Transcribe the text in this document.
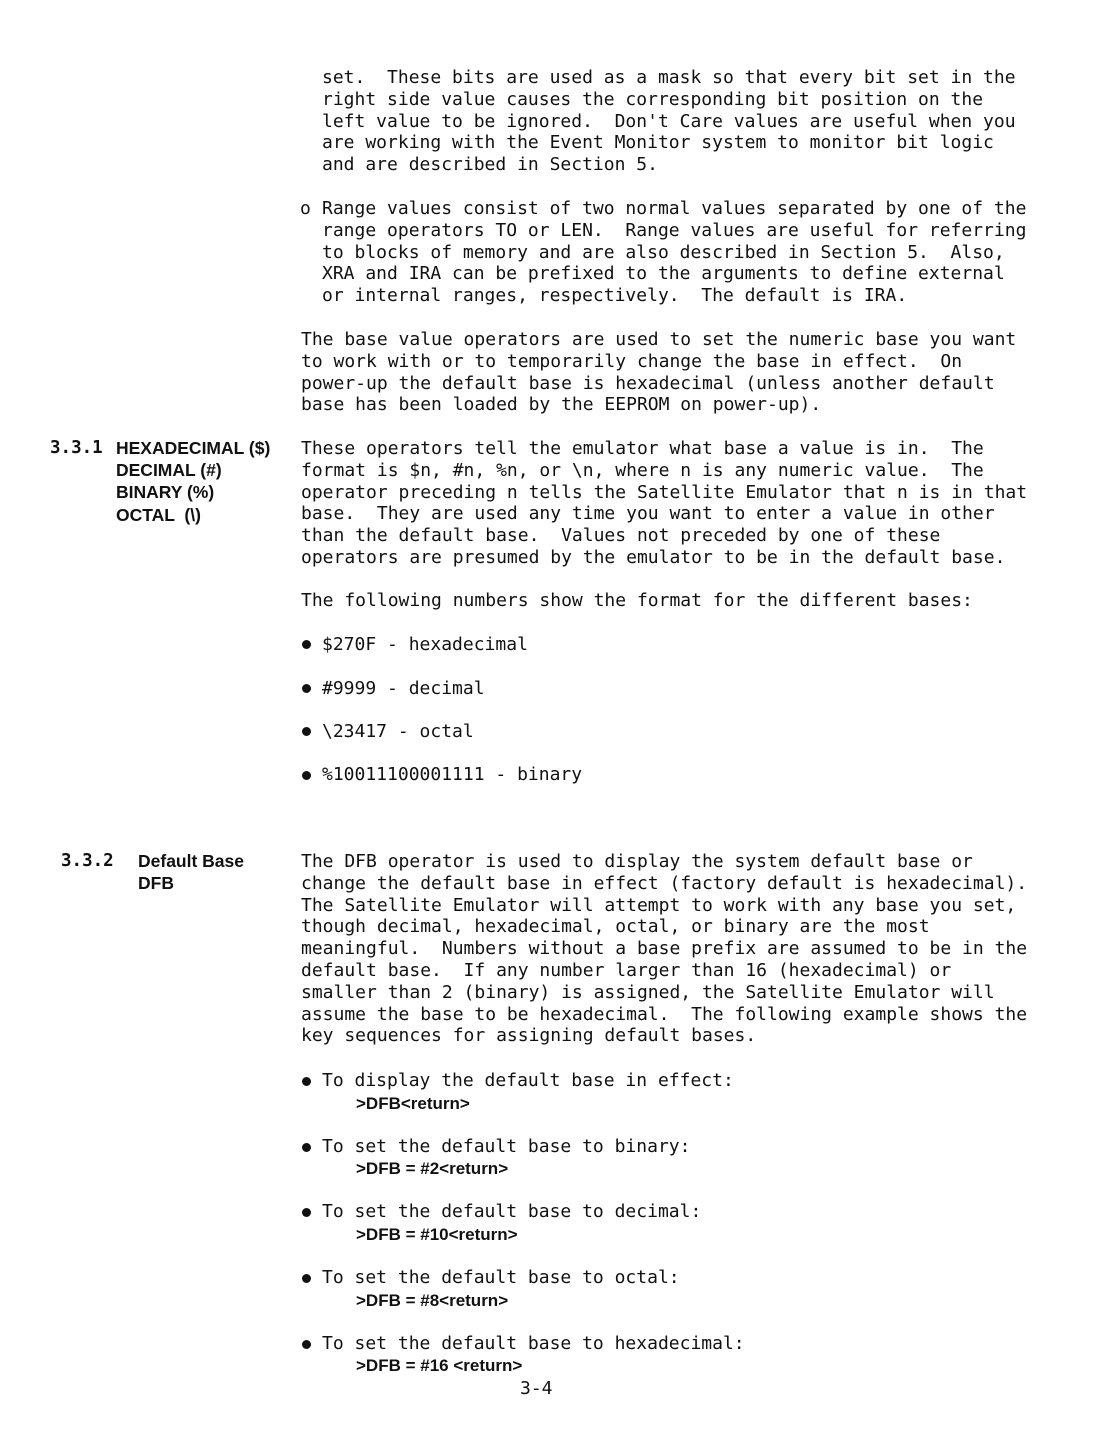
set.  These bits are used as a mask so that every bit set in the
right side value causes the corresponding bit position on the
left value to be ignored.  Don't Care values are useful when you
are working with the Event Monitor system to monitor bit logic
and are described in Section 5.
o Range values consist of two normal values separated by one of the
range operators TO or LEN.  Range values are useful for referring
to blocks of memory and are also described in Section 5.  Also,
XRA and IRA can be prefixed to the arguments to define external
or internal ranges, respectively.  The default is IRA.
The base value operators are used to set the numeric base you want
to work with or to temporarily change the base in effect.  On
power-up the default base is hexadecimal (unless another default
base has been loaded by the EEPROM on power-up).
3.3.1 HEXADECIMAL ($)
DECIMAL (#)
BINARY (%)
OCTAL  (\)
These operators tell the emulator what base a value is in.  The
format is $n, #n, %n, or \n, where n is any numeric value.  The
operator preceding n tells the Satellite Emulator that n is in that
base.  They are used any time you want to enter a value in other
than the default base.  Values not preceded by one of these
operators are presumed by the emulator to be in the default base.
The following numbers show the format for the different bases:
$270F - hexadecimal
#9999 - decimal
\23417 - octal
%10011100001111 - binary
3.3.2 Default Base
DFB
The DFB operator is used to display the system default base or
change the default base in effect (factory default is hexadecimal).
The Satellite Emulator will attempt to work with any base you set,
though decimal, hexadecimal, octal, or binary are the most
meaningful.  Numbers without a base prefix are assumed to be in the
default base.  If any number larger than 16 (hexadecimal) or
smaller than 2 (binary) is assigned, the Satellite Emulator will
assume the base to be hexadecimal.  The following example shows the
key sequences for assigning default bases.
To display the default base in effect:
>DFB<return>
To set the default base to binary:
>DFB = #2<return>
To set the default base to decimal:
>DFB = #10<return>
To set the default base to octal:
>DFB = #8<return>
To set the default base to hexadecimal:
>DFB = #16 <return>
3-4
